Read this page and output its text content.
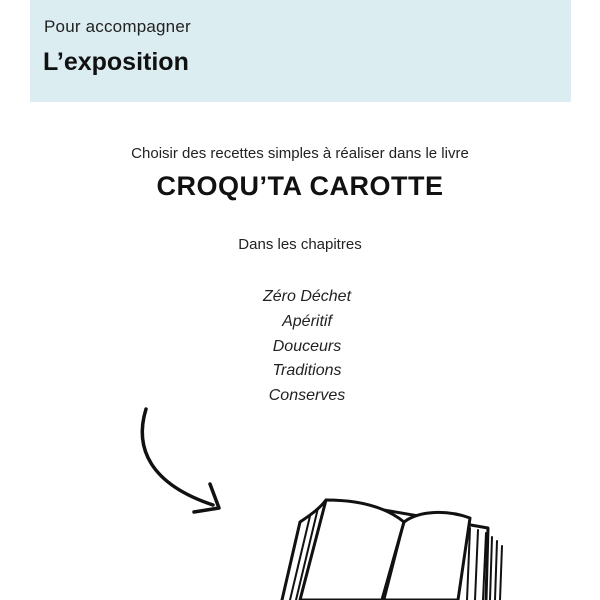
Pour accompagner
L’exposition
Choisir des recettes simples à réaliser dans le livre
CROQU’TA CAROTTE
Dans les chapitres
Zéro Déchet
Apéritif
Douceurs
Traditions
Conserves
